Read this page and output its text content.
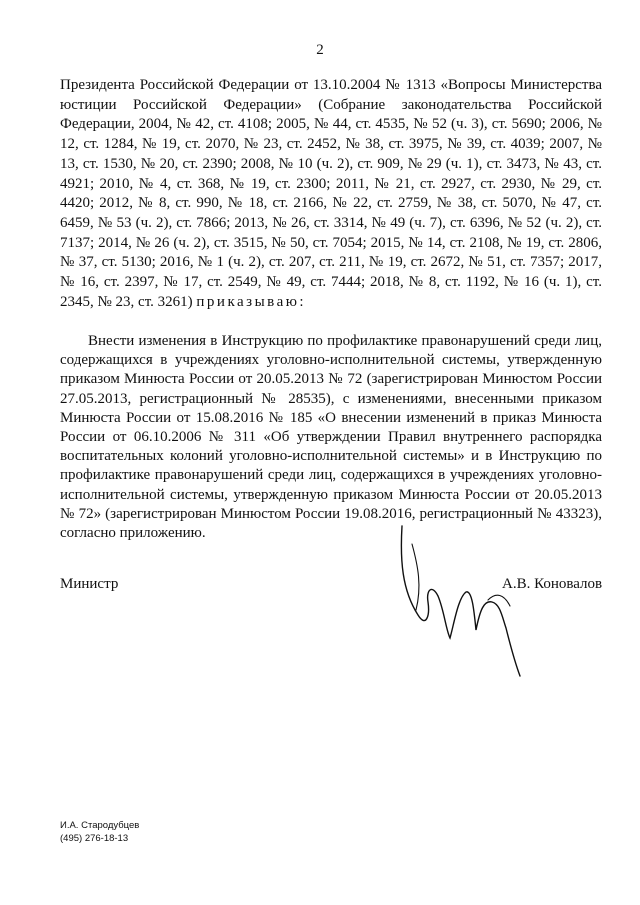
2

Президента Российской Федерации от 13.10.2004 № 1313 «Вопросы Министерства юстиции Российской Федерации» (Собрание законодательства Российской Федерации, 2004, № 42, ст. 4108; 2005, № 44, ст. 4535, № 52 (ч. 3), ст. 5690; 2006, № 12, ст. 1284, № 19, ст. 2070, № 23, ст. 2452, № 38, ст. 3975, № 39, ст. 4039; 2007, № 13, ст. 1530, № 20, ст. 2390; 2008, № 10 (ч. 2), ст. 909, № 29 (ч. 1), ст. 3473, № 43, ст. 4921; 2010, № 4, ст. 368, № 19, ст. 2300; 2011, № 21, ст. 2927, ст. 2930, № 29, ст. 4420; 2012, № 8, ст. 990, № 18, ст. 2166, № 22, ст. 2759, № 38, ст. 5070, № 47, ст. 6459, № 53 (ч. 2), ст. 7866; 2013, № 26, ст. 3314, № 49 (ч. 7), ст. 6396, № 52 (ч. 2), ст. 7137; 2014, № 26 (ч. 2), ст. 3515, № 50, ст. 7054; 2015, № 14, ст. 2108, № 19, ст. 2806, № 37, ст. 5130; 2016, № 1 (ч. 2), ст. 207, ст. 211, № 19, ст. 2672, № 51, ст. 7357; 2017, № 16, ст. 2397, № 17, ст. 2549, № 49, ст. 7444; 2018, № 8, ст. 1192, № 16 (ч. 1), ст. 2345, № 23, ст. 3261) приказываю:

Внести изменения в Инструкцию по профилактике правонарушений среди лиц, содержащихся в учреждениях уголовно-исполнительной системы, утвержденную приказом Минюста России от 20.05.2013 № 72 (зарегистрирован Минюстом России 27.05.2013, регистрационный № 28535), с изменениями, внесенными приказом Минюста России от 15.08.2016 № 185 «О внесении изменений в приказ Минюста России от 06.10.2006 № 311 «Об утверждении Правил внутреннего распорядка воспитательных колоний уголовно-исполнительной системы» и в Инструкцию по профилактике правонарушений среди лиц, содержащихся в учреждениях уголовно-исполнительной системы, утвержденную приказом Минюста России от 20.05.2013 № 72» (зарегистрирован Минюстом России 19.08.2016, регистрационный № 43323), согласно приложению.

Министр	А.В. Коновалов
И.А. Стародубцев
(495) 276-18-13
